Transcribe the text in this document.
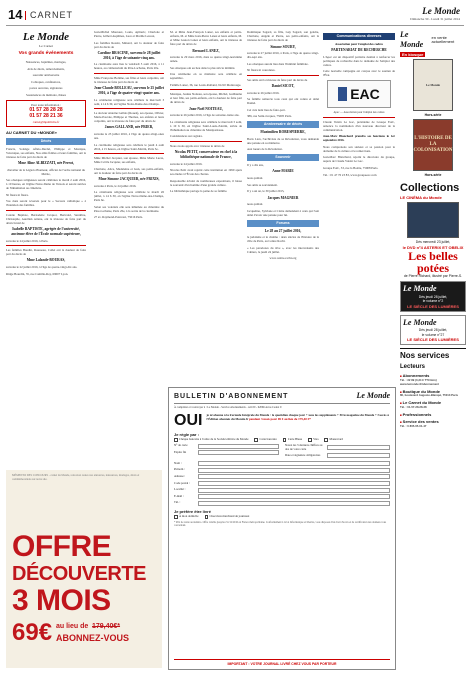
14 CARNET	Le Monde
Dimanche 30 - Lundi 31 juillet 2014
Le Monde
Le Carnet
Vos grands événements
Naissances, baptêmes, mariages,
Avis de décès, remerciements,
souvenir anniversaire
Colloques, conférences,
portes ouvertes, signatures
Soutenances de mémoire, thèses
Pour toute information :
01 57 28 28 28
01 57 28 21 36
carnet@mpublicite.fr
AU CARNET DU «MONDE»
Décès
Francis, Solange Aflalo-Dardel, Philippe et Monique, Véronique, ses enfants, Nos amis fidèles et leurs familles, ont la tristesse de faire part du décès de
Mme Aline ALBIZZATI, née Perrot,
chevalier de la Légion d'honneur, officier de l'ordre national du Mérite,
Ses obsèques religieuses seront célébrées le mardi 2 août 2016, à 10 heures, en l'église Notre-Dame de Versois et seront suivies de l'inhumation au cimetière.
Ni fleurs ni fleurs.
Vos dons seront reversés pour le « Secours catholique » à l'intention des familles.
Colette Baptiste, Bernadette Jacquot, Bertrand, Sandrine, Christophe, Aurélien Ariane, ont la tristesse de faire part du décès brutal de
Isabelle BAPTISTE, agrégée de l'université, ancienne élève de l'École normale supérieure,
survenu le 24 juillet 2016, à Paris.
Les familles Baudin, Rousseau, Collet ont la douleur de faire part du décès de
Mme Lalande-BOURAS,
survenu le 22 juillet 2016, à l'âge de quatre-vingt-dix ans.
Ridge Bourdin, 35, rue Camille-Roy, 69007 Lyon.
Jean-Michel Mauroux, Louis, Aymeric, Charlotte et Pierre, Gilbert Auphines, Luce et Marthe Leroux,
Les familles Rossin, Ménard, ont la douleur de faire part du décès de
Caroline BRACINE, survenu le 28 juillet 2016, à l'âge de soixante-cinq ans.
La cérémonie aura lieu le vendredi 5 août 2016, à 11 heures, au crématorium du Père-Lachaise, Paris 20e.
Mme Françoise Bollène, ses filles et leurs conjoints, ont la tristesse de faire part du décès de
Jean-Claude BOLLEAU, survenu le 25 juillet 2016, à l'âge de quatre-vingt-quatre ans.
La cérémonie religieuse sera célébrée le mercredi 3 août, à 14 h 30, en l'église Notre-Dame-des-Champs.
Le docteur Antoine Gallais (Rouen), ses épouse, Olivier, Marie-Pascale, Philippe et Thomas, ses enfants et leurs conjoints, ont la tristesse de faire part du décès de
James GALLAND, née PRIER,
survenu le 23 juillet 2016, à l'âge de quatre-vingt-onze ans.
La cérémonie religieuse sera célébrée le jeudi 4 août 2016, à 15 heures, en l'église Saint-Martin, Paris 3e.
Mme Michel Jacquier, son épouse, Mme Marie Lucas, Mme Cécile Jacquier, ses enfants,
Charlotte, Alice, Madeleine et Jean, ses petits-enfants, ont la douleur de faire part du décès de
Mme Simone JACQUIER, née FRIXIS,
survenu à Paris, le 24 juillet 2016.
La cérémonie religieuse sera célébrée le mardi 26 juillet, à 14 h 30, en l'église Notre-Dame-des-Champs, Paris 6e.
Selon ses volontés elle sera inhumée au cimetière du Père-Lachaise, Paris 20e, à la sortie de la cérémonie.
27 av. Raymond-Poincaré, 75016 Paris.
M. et Mme Jean-François Lanez, ses enfants et petits-enfants, M. et Mme Jean-Pierre Lanez et leurs enfants, M. et Mme Gaston Lanez et leurs enfants, ont la tristesse de faire part du décès de
Bernard LANEZ,
survenu le 29 mars 2016, dans sa quatre-vingt-neuvième année.
Ses obsèques ont eu lieu dans la plus stricte intimité.
Une cérémonie en sa mémoire sera célébrée en septembre.
Famille Lanez, 36, rue Louis-Rolland, 91210 Montrouge.
Monique, Jeanne Noiteau, son épouse, Michel, Guillaume et leur fille, ses petits-enfants, ont la douleur de faire part du décès de
Jean-Noël NOITEAU,
survenu le 26 juillet 2016, à l'âge de soixante-treize ans.
La cérémonie religieuse sera célébrée le mercredi 3 août, à 10 h 30, en l'église Saint-Louis-d'Antin, suivie de l'inhumation au cimetière de Montparnasse.
Condoléances sur registre.
Nous avons appris avec tristesse le décès de
Nicolas PETIT, conservateur en chef à la bibliothèque nationale de France,
survenu le 24 juillet 2016.
Nicolas Petit avait rejoint cette institution en 1990 après ses études à l'École des chartes.
Responsable éclairé de nombreuses expositions, il laisse le souvenir d'un homme d'une grande culture.
La bibliothèque partage la peine de sa famille.
Dominique Sagard, sa fille, Guy Sagard, son gendre, Charlotte, Angèle et Pierre, ses petits-enfants, ont la tristesse de faire part du décès de
Simone SOURY,
survenu le 27 juillet 2016, à Paris, à l'âge de quatre-vingt-dix-sept ans.
Les obsèques auront lieu dans l'intimité familiale.
Ni fleurs ni couronnes.
Ses amis ont la tristesse de faire part du décès de
Daniel SICOT,
survenu le 26 juillet 2016.
Sa famille remercie tous ceux qui ont connu et aimé Daniel.
Cet avis tient lieu de faire-part.
386, rue Saint-Jacques, 75005 Paris.
Anniversaire de décès
Maximilien ROBESPIERRE,
Boris Lion, l'archiviste de sa Révolution, vous demande une pensée en sa mémoire.
Aux lueurs de la Révolution.
Souvenir
Il y a dix ans,
Anne MARIE
nous quittait.
Ses amis se souviennent.
Il y a un an, le 30 juillet 2015,
Jacques MAGNIER
nous quittait.
Jacqueline, Sylviane et Claire demandent à ceux qui l'ont aimé d'avoir une pensée pour lui.
Forums
Le 28 au 27 juillet 2016,
le judaïsme et le cinéma : deux siècles de l'histoire de la ville de Paris, au Centre Rachi.
« Les paradoxes du rêve », avec les intervenants des Cahiers, le jeudi 24 juillet.
www.centre-rachi.org
Communications diverses
Association pour l'emploi des cadres
PARTENARIAT DE RECHERCHE
L'Apec est un dispositif paritaire destiné à renforcer les politiques de recherche dans le domaine de l'emploi des cadres.
Cette nouvelle campagne est conçue avec le soutien de l'État.
EAC
Apec — Association pour l'emploi des cadres
Claude Voisin Le Gac, présidente de Groupe EAC, annonce la nomination d'un nouveau directeur de la communication.
Jean-Marc Blanchard prendra ses fonctions le 1er septembre 2016.
Nous comprenons son sérieux et sa passion pour le domaine de la culture et le remercions.
Jean-Marc Blanchard, rejoint le directoire du groupe, auprès de Claude Voisin Le Gac.
Groupe EAC, 33, rue la Boétie, 75008 Paris.
Tél. : 01 47 70 23 83, www.groupeeac.com
MÉMENTO DES CONCOURS - carnet du Monde, retrouvez toutes nos annonces, naissances, mariages, décès et commémorations sur notre site.
OFFRE
DÉCOUVERTE
3 MOIS
69€ au lieu de 179,40€*
ABONNEZ-VOUS
BULLETIN D'ABONNEMENT	Le Monde
À compléter et à renvoyer à : Le Monde - Service Abonnements - A1100 - 62066 Arras Cedex 9
OUI je m'abonne à la Formule Intégrale du Monde : le quotidien chaque jour + tous les suppléments + M le magazine du Monde + l'accès à l'Édition abonnés du Monde.fr pendant 3 mois pour 69 € au lieu de 179,40 €*
Je règle par :
Chèque bancaire à l'ordre de la Société éditrice du Monde	Carte bancaire	Carte Bleue	Visa	Mastercard
N° de carte
Expire fin
Notez les 3 derniers chiffres au dos de votre carte
Date et signature obligatoires
Nom :
Prénom :
Adresse :
Code postal :
Localité :
E-mail :
Tél. :
Je préfère être livré
À mon domicile	Chez mon marchand de journaux
* Prix de vente au numéro. Offre valable jusqu'au 31/12/2016 en France métropolitaine. Conformément à la loi Informatique et libertés, vous disposez d'un droit d'accès et de rectification des données vous concernant.
IMPORTANT : VOTRE JOURNAL LIVRÉ CHEZ VOUS PAR PORTEUR
Le Monde
en vente actuellement
En kiosque
Le Monde
Hors-série
L'HISTOIRE DE LA COLONISATION
Hors-série
Collections
LE CINÉMA du Monde
Dès mercredi 23 juillet,
le DVD n°4 ASTERIX ET OBELIX
Les belles potées
de Pierre Richard, illustré par Pierre-S.
Le Monde
Dès jeudi 28 juillet,
le volume n°2
LE SIÈCLE DES LUMIÈRES
Le Monde
Dès jeudi 28 juillet,
le volume n°27
LE SIÈCLE DES LUMIÈRES
Nos services
Lecteurs
■ Abonnements
Tél. : 32 89 (0,34 € TTC/min) www.lemonde.fr/abonnement
■ Boutique du Monde
80, boulevard Auguste-Blanqui, 75013 Paris
■ Le Carnet du Monde
Tél. : 01-57-28-28-28
■ Professionnels
■ Service des ventes
Tél. : 0 805-05-01-47
